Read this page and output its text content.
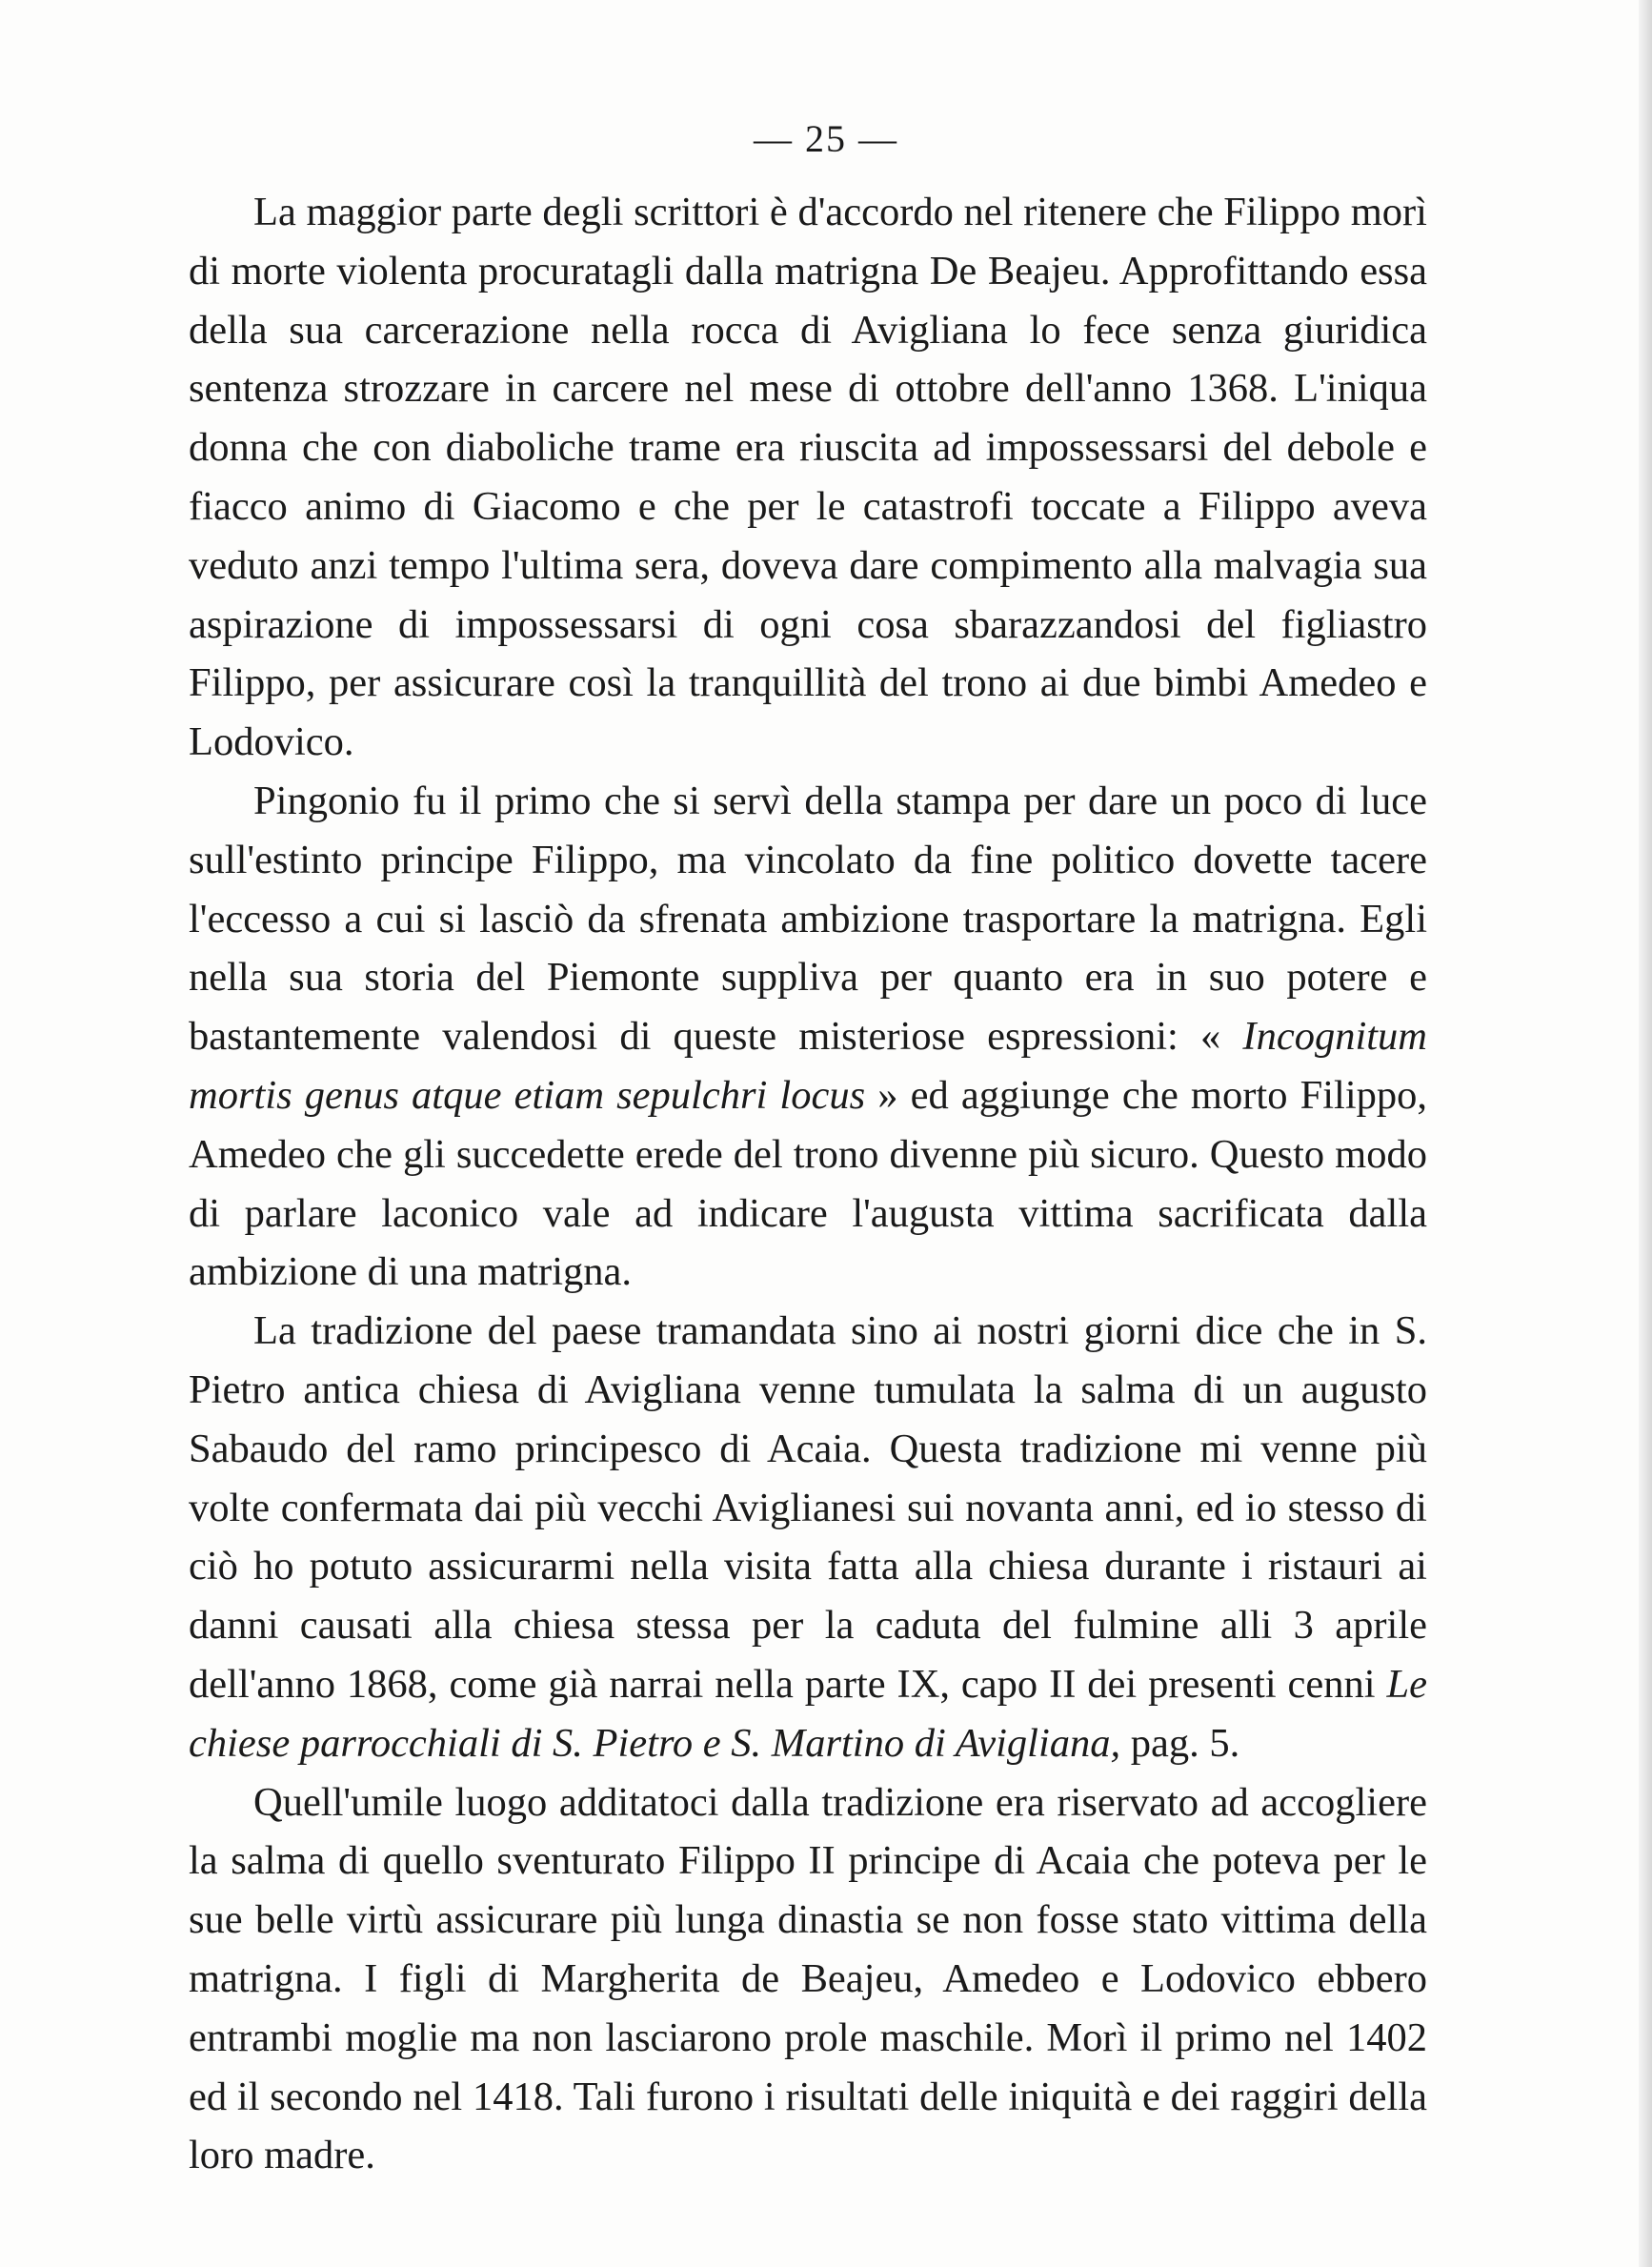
— 25 —

La maggior parte degli scrittori è d'accordo nel ritenere che Filippo morì di morte violenta procuratagli dalla matrigna De Beajeu. Approfittando essa della sua carcerazione nella rocca di Avigliana lo fece senza giuridica sentenza strozzare in carcere nel mese di ottobre dell'anno 1368. L'iniqua donna che con diaboliche trame era riuscita ad impossessarsi del debole e fiacco animo di Giacomo e che per le catastrofi toccate a Filippo aveva veduto anzi tempo l'ultima sera, doveva dare compimento alla malvagia sua aspirazione di impossessarsi di ogni cosa sbarazzandosi del figliastro Filippo, per assicurare così la tranquillità del trono ai due bimbi Amedeo e Lodovico.

Pingonio fu il primo che si servì della stampa per dare un poco di luce sull'estinto principe Filippo, ma vincolato da fine politico dovette tacere l'eccesso a cui si lasciò da sfrenata ambizione trasportare la matrigna. Egli nella sua storia del Piemonte suppliva per quanto era in suo potere e bastantemente valendosi di queste misteriose espressioni: « Incognitum mortis genus atque etiam sepulchri locus » ed aggiunge che morto Filippo, Amedeo che gli succedette erede del trono divenne più sicuro. Questo modo di parlare laconico vale ad indicare l'augusta vittima sacrificata dalla ambizione di una matrigna.

La tradizione del paese tramandata sino ai nostri giorni dice che in S. Pietro antica chiesa di Avigliana venne tumulata la salma di un augusto Sabaudo del ramo principesco di Acaia. Questa tradizione mi venne più volte confermata dai più vecchi Aviglianesi sui novanta anni, ed io stesso di ciò ho potuto assicurarmi nella visita fatta alla chiesa durante i ristauri ai danni causati alla chiesa stessa per la caduta del fulmine alli 3 aprile dell'anno 1868, come già narrai nella parte IX, capo II dei presenti cenni Le chiese parrocchiali di S. Pietro e S. Martino di Avigliana, pag. 5.

Quell'umile luogo additatoci dalla tradizione era riservato ad accogliere la salma di quello sventurato Filippo II principe di Acaia che poteva per le sue belle virtù assicurare più lunga dinastia se non fosse stato vittima della matrigna. I figli di Margherita de Beajeu, Amedeo e Lodovico ebbero entrambi moglie ma non lasciarono prole maschile. Morì il primo nel 1402 ed il secondo nel 1418. Tali furono i risultati delle iniquità e dei raggiri della loro madre.
